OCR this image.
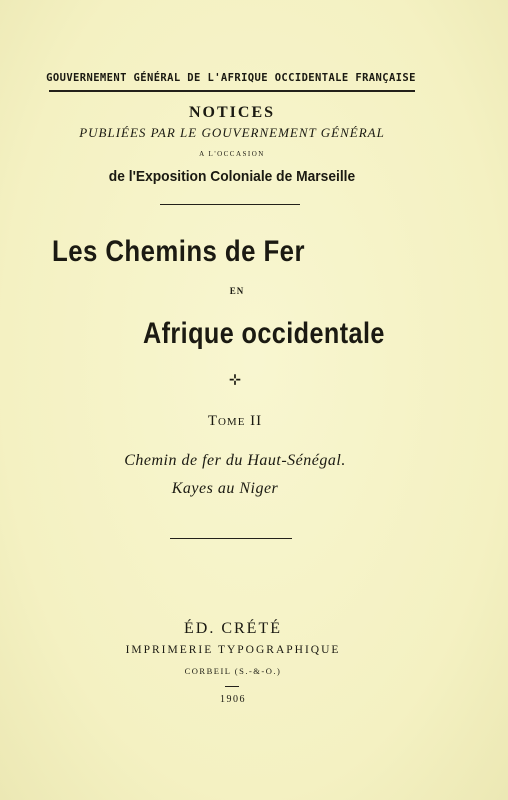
GOUVERNEMENT GÉNÉRAL DE L'AFRIQUE OCCIDENTALE FRANÇAISE
NOTICES
PUBLIÉES PAR LE GOUVERNEMENT GÉNÉRAL
A L'OCCASION
de l'Exposition Coloniale de Marseille
Les Chemins de Fer
EN
Afrique occidentale
⊹
Tome II
Chemin de fer du Haut-Sénégal.
Kayes au Niger
ÉD. CRÉTÉ
IMPRIMERIE TYPOGRAPHIQUE
CORBEIL (S.-&-O.)
1906
